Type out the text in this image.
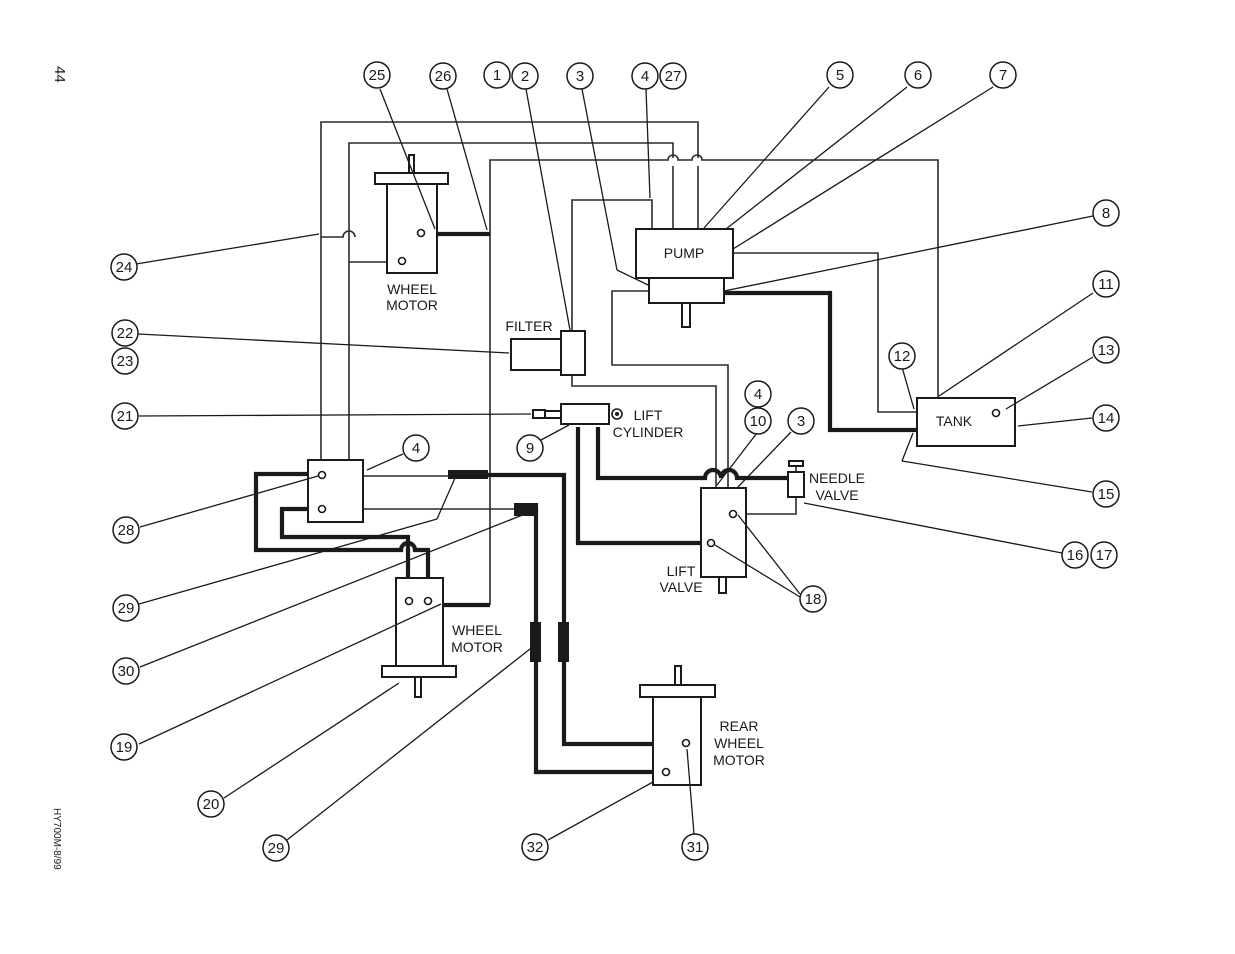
44
HY700M-8/99
WHEEL
MOTOR
PUMP
FILTER
LIFT
CYLINDER
TANK
NEEDLE
VALVE
LIFT
VALVE
WHEEL
MOTOR
REAR
WHEEL
MOTOR
25	26	1 2	3	4 27	5	6	7
8
24
22
23
21
9
4
10 3
12
11
13
14
15
4
28
16 17
18
29
30
19
20
29	32	31
